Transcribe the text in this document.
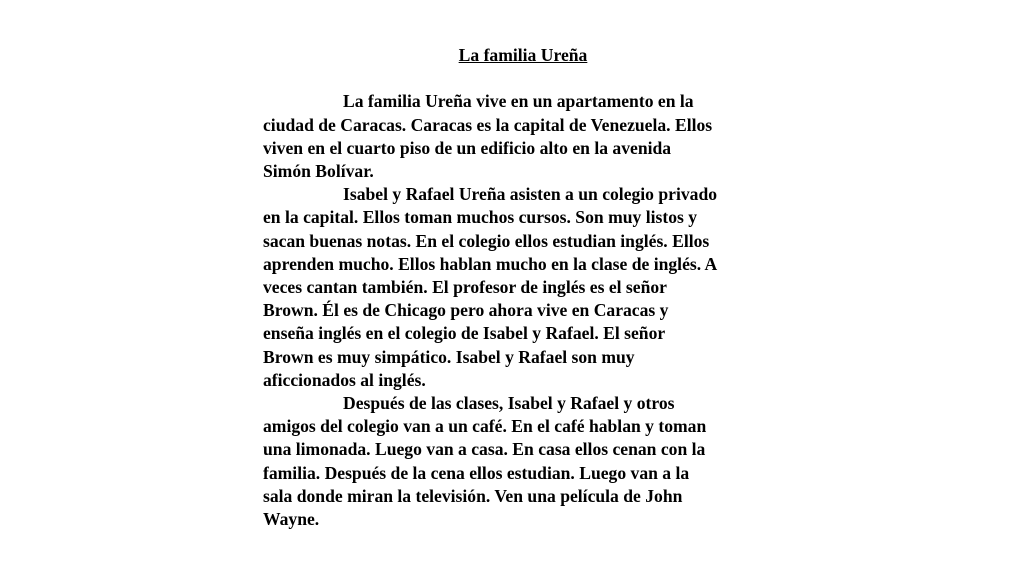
La familia Ureña
La familia Ureña vive en un apartamento en la
ciudad de Caracas. Caracas es la capital de Venezuela. Ellos
viven en el cuarto piso de un edificio alto en la avenida
Simón Bolívar.
Isabel y Rafael Ureña asisten a un colegio privado
en la capital. Ellos toman muchos cursos. Son muy listos y
sacan buenas notas. En el colegio ellos estudian inglés. Ellos
aprenden mucho. Ellos hablan mucho en la clase de inglés. A
veces cantan también. El profesor de inglés es el señor
Brown. Él es de Chicago pero ahora vive en Caracas y
enseña inglés en el colegio de Isabel y Rafael. El señor
Brown es muy simpático. Isabel y Rafael son muy
aficcionados al inglés.
Después de las clases, Isabel y Rafael y otros
amigos del colegio van a un café. En el café hablan y toman
una limonada. Luego van a casa. En casa ellos cenan con la
familia. Después de la cena ellos estudian. Luego van a la
sala donde miran la televisión. Ven una película de John
Wayne.
